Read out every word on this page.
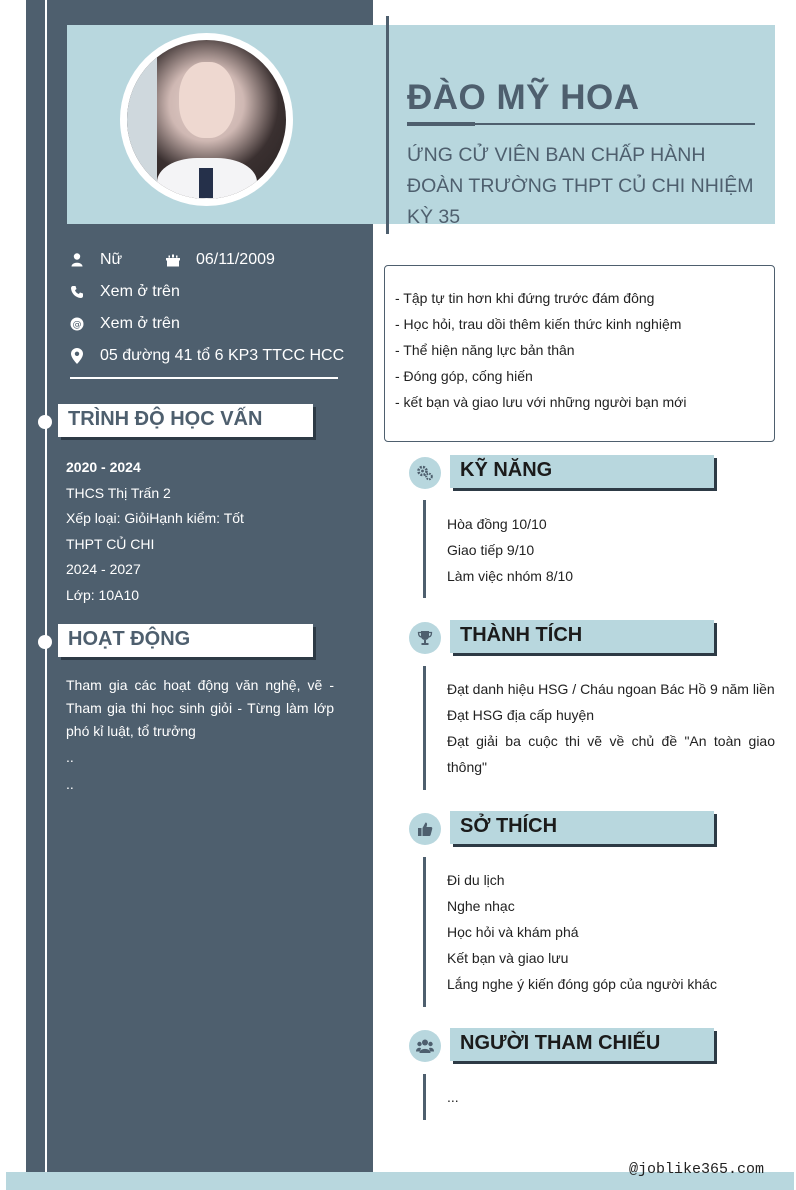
ĐÀO MỸ HOA
ỨNG CỬ VIÊN BAN CHẤP HÀNH ĐOÀN TRƯỜNG THPT CỦ CHI NHIỆM KỲ 35
Nữ	06/11/2009
Xem ở trên
@ Xem ở trên
05 đường 41 tổ 6 KP3 TTCC HCC
TRÌNH ĐỘ HỌC VẤN
2020 - 2024
THCS Thị Trấn 2
Xếp loại: GiỏiHạnh kiểm: Tốt
THPT CỦ CHI
2024 - 2027
Lớp: 10A10
HOẠT ĐỘNG
Tham gia các hoạt động văn nghệ, vẽ - Tham gia thi học sinh giỏi - Từng làm lớp phó kỉ luật, tổ trưởng
..
..
- Tập tự tin hơn khi đứng trước đám đông
- Học hỏi, trau dồi thêm kiến thức kinh nghiệm
- Thể hiện năng lực bản thân
- Đóng góp, cống hiến
- kết bạn và giao lưu với những người bạn mới
KỸ NĂNG
Hòa đồng 10/10
Giao tiếp 9/10
Làm việc nhóm 8/10
THÀNH TÍCH
Đạt danh hiệu HSG / Cháu ngoan Bác Hồ 9 năm liền
Đạt HSG địa cấp huyện
Đạt giải ba cuộc thi vẽ về chủ đề "An toàn giao thông"
SỞ THÍCH
Đi du lịch
Nghe nhạc
Học hỏi và khám phá
Kết bạn và giao lưu
Lắng nghe ý kiến đóng góp của người khác
NGƯỜI THAM CHIẾU
...
@joblike365.com
